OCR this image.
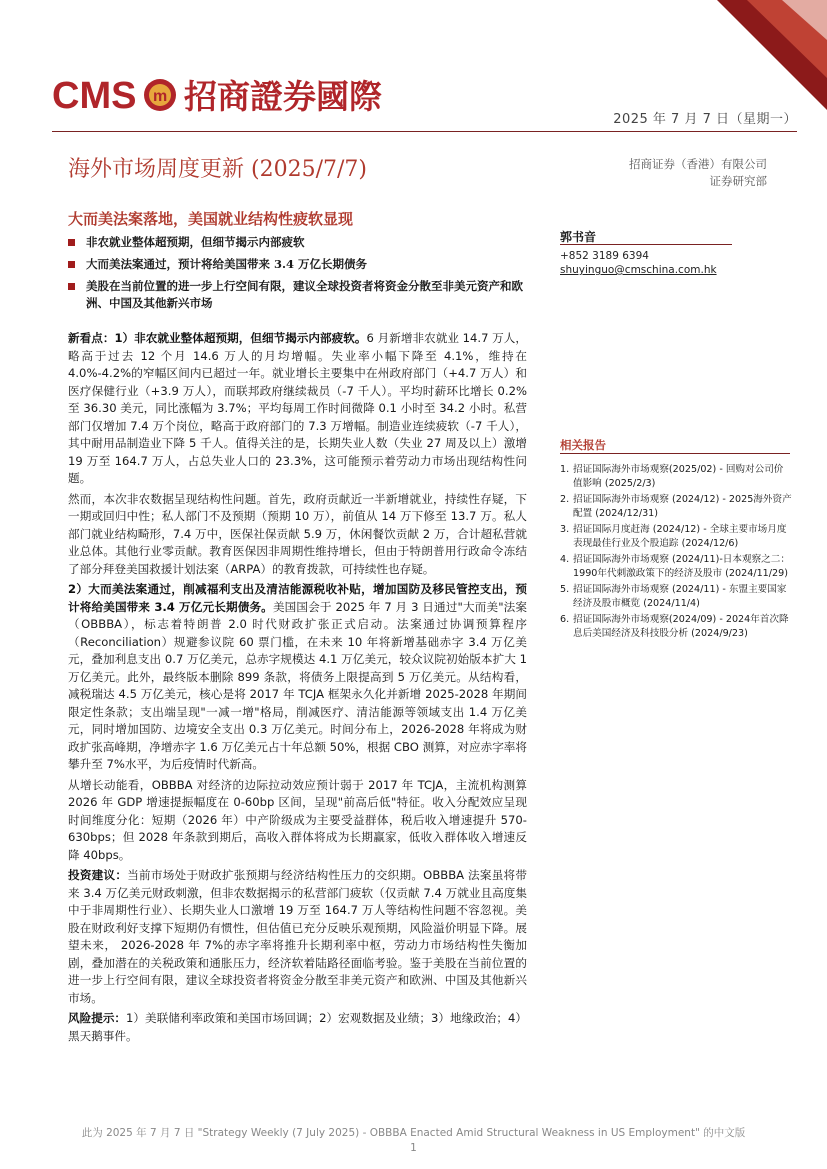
CMS m 招商證券國際
2025 年 7 月 7 日（星期一）
海外市场周度更新 (2025/7/7)	招商证券（香港）有限公司
证券研究部
大而美法案落地，美国就业结构性疲软显现
非农就业整体超预期，但细节揭示内部疲软
大而美法案通过，预计将给美国带来 3.4 万亿长期债务
美股在当前位置的进一步上行空间有限，建议全球投资者将资金分散至非美元资产和欧洲、中国及其他新兴市场
郭书音
+852 3189 6394
shuyinguo@cmschina.com.hk
相关报告
1. 招证国际海外市场观察(2025/02) - 回购对公司价值影响 (2025/2/3)
2. 招证国际海外市场观察 (2024/12) - 2025海外资产配置 (2024/12/31)
3. 招证国际月度赶海 (2024/12) - 全球主要市场月度表现最佳行业及个股追踪 (2024/12/6)
4. 招证国际海外市场观察 (2024/11)-日本观察之二：1990年代刺激政策下的经济及股市 (2024/11/29)
5. 招证国际海外市场观察 (2024/11) - 东盟主要国家经济及股市概览 (2024/11/4)
6. 招证国际海外市场观察(2024/09) - 2024年首次降息后美国经济及科技股分析 (2024/9/23)

新看点：1）非农就业整体超预期，但细节揭示内部疲软。6 月新增非农就业 14.7 万人，略高于过去 12 个月 14.6 万人的月均增幅。失业率小幅下降至 4.1%，维持在 4.0%-4.2%的窄幅区间内已超过一年。就业增长主要集中在州政府部门（+4.7 万人）和医疗保健行业（+3.9 万人），而联邦政府继续裁员（-7 千人）。平均时薪环比增长 0.2%至 36.30 美元，同比涨幅为 3.7%；平均每周工作时间微降 0.1 小时至 34.2 小时。私营部门仅增加 7.4 万个岗位，略高于政府部门的 7.3 万增幅。制造业连续疲软（-7 千人），其中耐用品制造业下降 5 千人。值得关注的是，长期失业人数（失业 27 周及以上）激增 19 万至 164.7 万人，占总失业人口的 23.3%，这可能预示着劳动力市场出现结构性问题。

然而，本次非农数据呈现结构性问题。首先，政府贡献近一半新增就业，持续性存疑，下一期或回归中性；私人部门不及预期（预期 10 万），前值从 14 万下修至 13.7 万。私人部门就业结构畸形，7.4 万中，医保社保贡献 5.9 万，休闲餐饮贡献 2 万，合计超私营就业总体。其他行业零贡献。教育医保因非周期性维持增长，但由于特朗普用行政命令冻结了部分拜登美国救援计划法案（ARPA）的教育拨款，可持续性也存疑。

2）大而美法案通过，削减福利支出及清洁能源税收补贴，增加国防及移民管控支出，预计将给美国带来 3.4 万亿元长期债务。美国国会于 2025 年 7 月 3 日通过"大而美"法案（OBBBA），标志着特朗普 2.0 时代财政扩张正式启动。法案通过协调预算程序（Reconciliation）规避参议院 60 票门槛，在未来 10 年将新增基础赤字 3.4 万亿美元，叠加利息支出 0.7 万亿美元，总赤字规模达 4.1 万亿美元，较众议院初始版本扩大 1 万亿美元。此外，最终版本删除 899 条款，将债务上限提高到 5 万亿美元。从结构看，减税瑞达 4.5 万亿美元，核心是将 2017 年 TCJA 框架永久化并新增 2025-2028 年期间限定性条款；支出端呈现"一减一增"格局，削减医疗、清洁能源等领域支出 1.4 万亿美元，同时增加国防、边境安全支出 0.3 万亿美元。时间分布上，2026-2028 年将成为财政扩张高峰期，净增赤字 1.6 万亿美元占十年总额 50%，根据 CBO 测算，对应赤字率将攀升至 7%水平，为后疫情时代新高。

从增长动能看，OBBBA 对经济的边际拉动效应预计弱于 2017 年 TCJA，主流机构测算 2026 年 GDP 增速提振幅度在 0-60bp 区间，呈现"前高后低"特征。收入分配效应呈现时间维度分化：短期（2026 年）中产阶级成为主要受益群体，税后收入增速提升 570-630bps；但 2028 年条款到期后，高收入群体将成为长期赢家，低收入群体收入增速反降 40bps。

投资建议：当前市场处于财政扩张预期与经济结构性压力的交织期。OBBBA 法案虽将带来 3.4 万亿美元财政刺激，但非农数据揭示的私营部门疲软（仅贡献 7.4 万就业且高度集中于非周期性行业）、长期失业人口激增 19 万至 164.7 万人等结构性问题不容忽视。美股在财政利好支撑下短期仍有惯性，但估值已充分反映乐观预期，风险溢价明显下降。展望未来， 2026-2028 年 7%的赤字率将推升长期利率中枢，劳动力市场结构性失衡加剧，叠加潜在的关税政策和通胀压力，经济软着陆路径面临考验。鉴于美股在当前位置的进一步上行空间有限，建议全球投资者将资金分散至非美元资产和欧洲、中国及其他新兴市场。

风险提示：1）美联储利率政策和美国市场回调；2）宏观数据及业绩；3）地缘政治；4）黑天鹅事件。

此为 2025 年 7 月 7 日 "Strategy Weekly (7 July 2025) - OBBBA Enacted Amid Structural Weakness in US Employment" 的中文版
1
